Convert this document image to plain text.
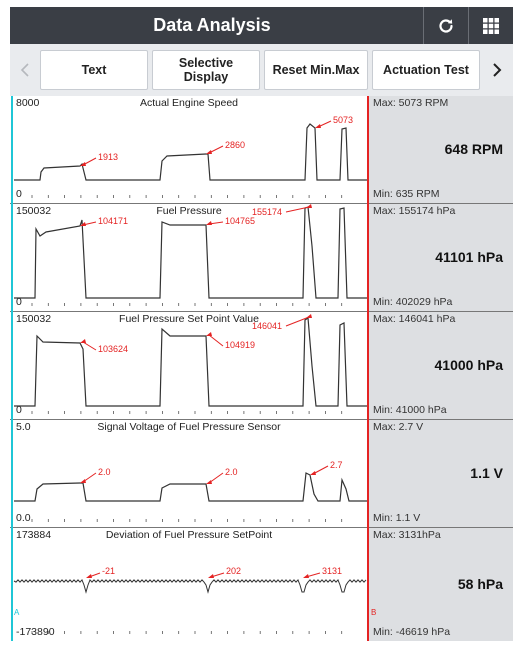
Data Analysis
Text	Selective Display	Reset Min.Max	Actuation Test
8000	Actual Engine Speed
0
Max: 5073 RPM
648 RPM
Min: 635 RPM
150032	Fuel Pressure
0
Max: 155174 hPa
41101 hPa
Min: 402029 hPa
150032	Fuel Pressure Set Point Value
0
Max: 146041 hPa
41000 hPa
Min: 41000 hPa
5.0	Signal Voltage of Fuel Pressure Sensor
0.0
Max: 2.7 V
1.1 V
Min: 1.1 V
173884	Deviation of Fuel Pressure SetPoint
-173890
Max: 3131hPa
58 hPa
Min: -46619 hPa
1913
2860
5073
104171	104765
155174
103624	104919
146041
2.0	2.0
2.7
-21	202	3131
A	B
